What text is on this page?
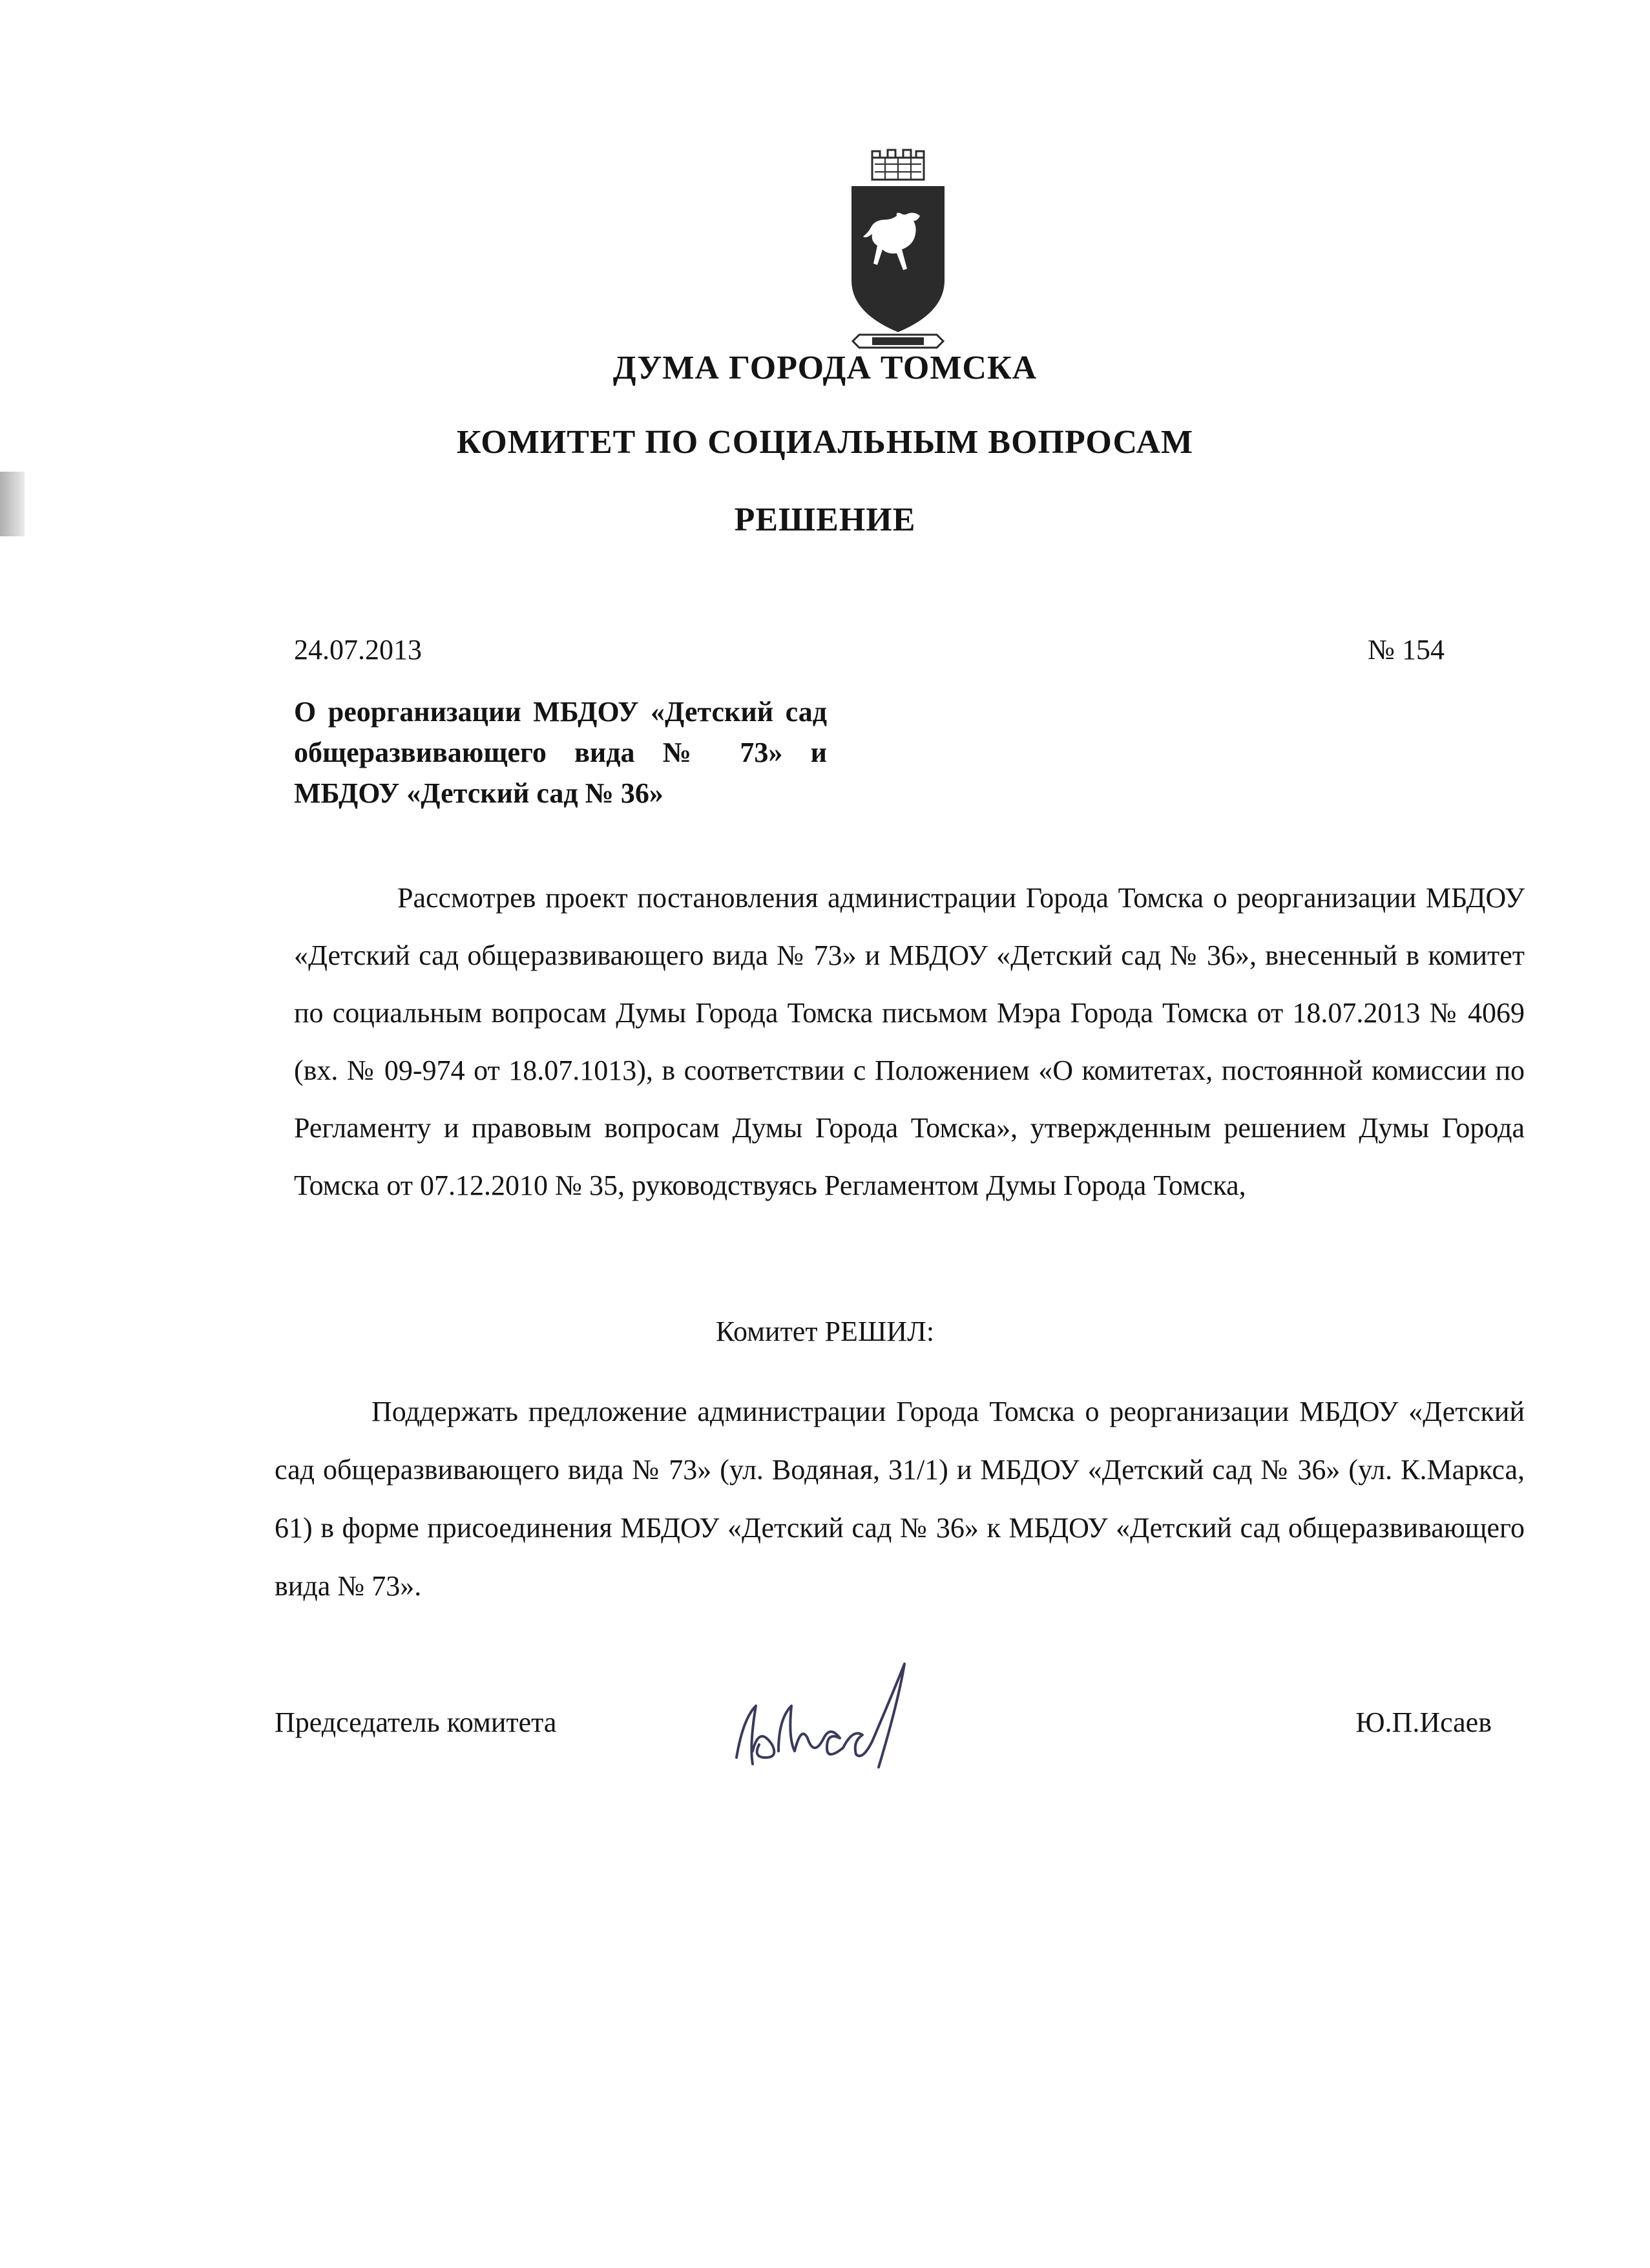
ДУМА ГОРОДА ТОМСКА
КОМИТЕТ ПО СОЦИАЛЬНЫМ ВОПРОСАМ
РЕШЕНИЕ
24.07.2013	№ 154
О реорганизации МБДОУ «Детский сад общеразвивающего вида № 73» и МБДОУ «Детский сад № 36»
Рассмотрев проект постановления администрации Города Томска о реорганизации МБДОУ «Детский сад общеразвивающего вида № 73» и МБДОУ «Детский сад № 36», внесенный в комитет по социальным вопросам Думы Города Томска письмом Мэра Города Томска от 18.07.2013 № 4069 (вх. № 09-974 от 18.07.1013), в соответствии с Положением «О комитетах, постоянной комиссии по Регламенту и правовым вопросам Думы Города Томска», утвержденным решением Думы Города Томска от 07.12.2010 № 35, руководствуясь Регламентом Думы Города Томска,
Комитет РЕШИЛ:
Поддержать предложение администрации Города Томска о реорганизации МБДОУ «Детский сад общеразвивающего вида № 73» (ул. Водяная, 31/1) и МБДОУ «Детский сад № 36» (ул. К.Маркса, 61) в форме присоединения МБДОУ «Детский сад № 36» к МБДОУ «Детский сад общеразвивающего вида № 73».
Председатель комитета	Ю.П.Исаев
